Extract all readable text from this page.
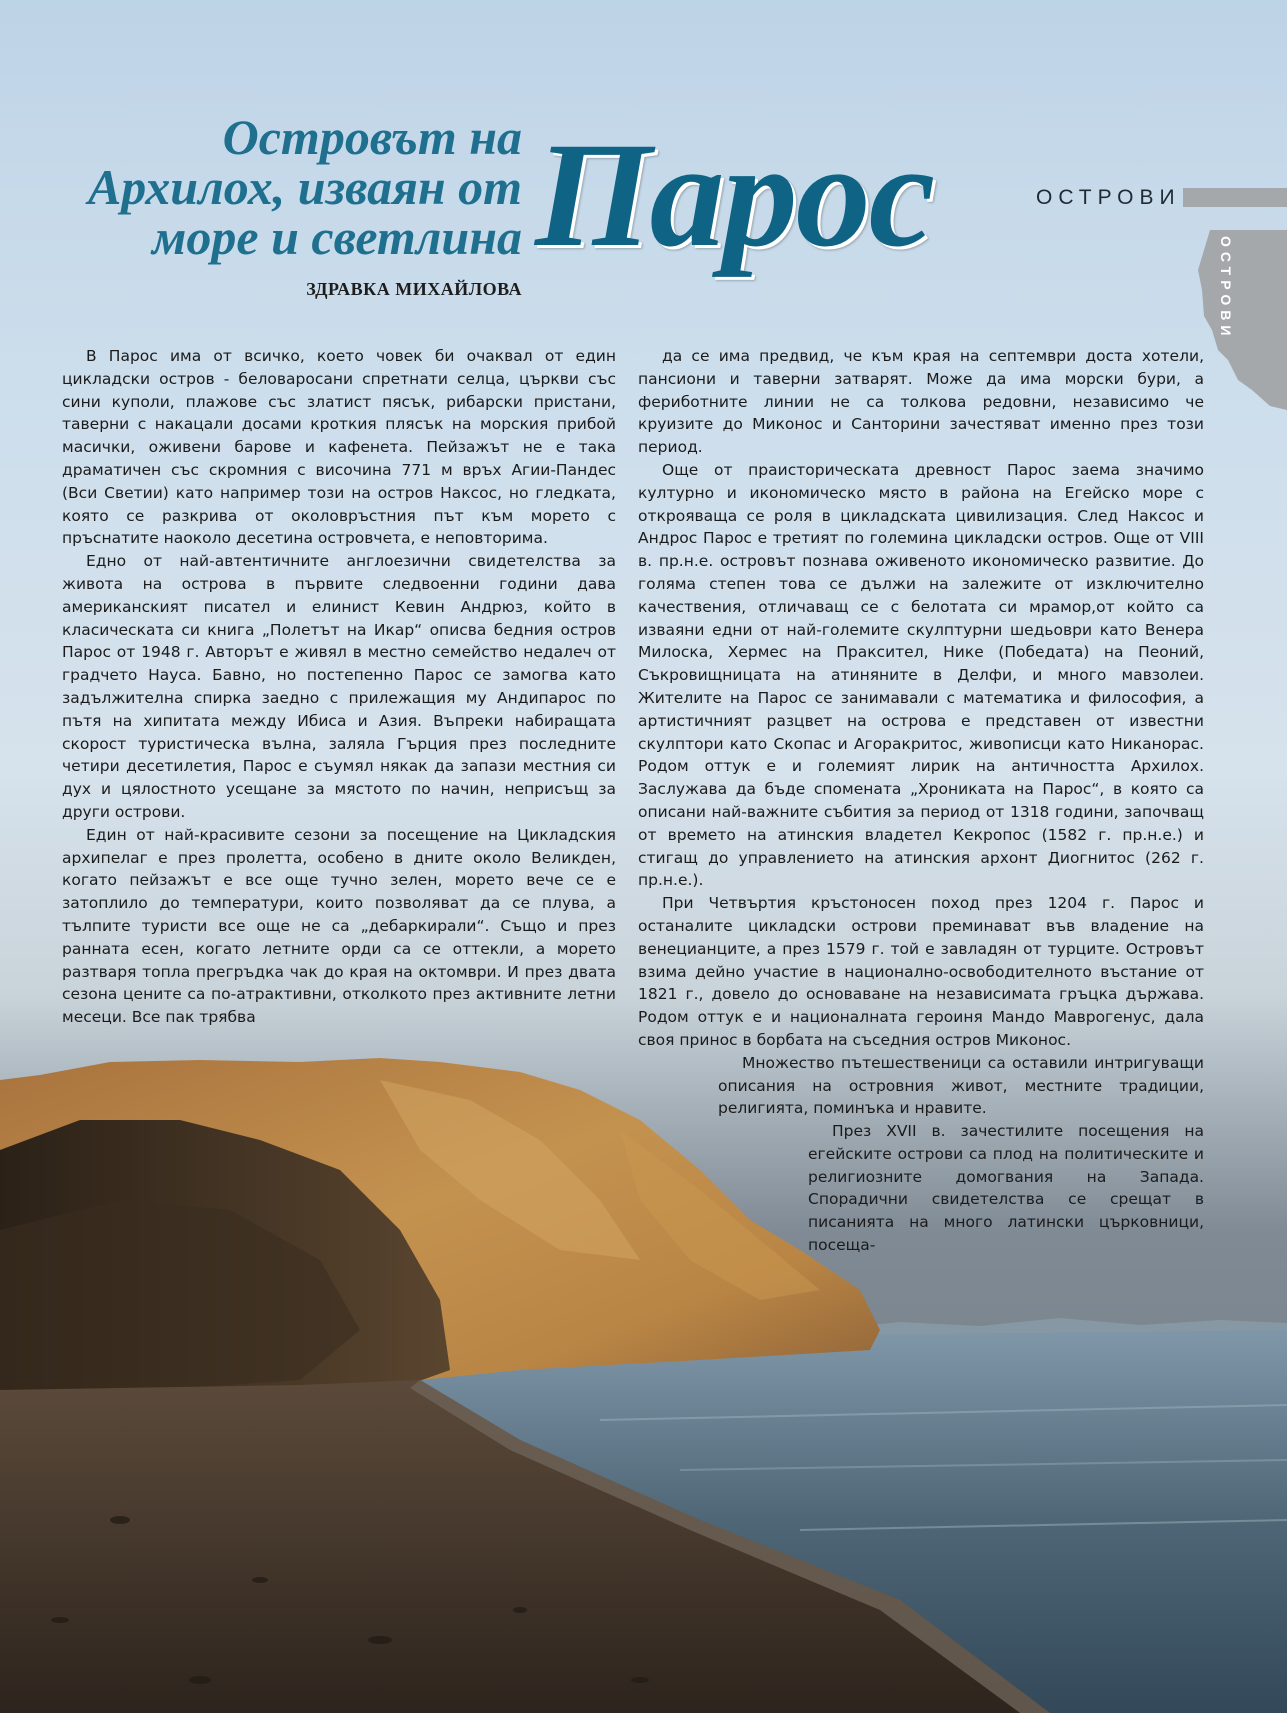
Островът на
Архилох, изваян от
море и светлина Парос
ЗДРАВКА МИХАЙЛОВА
ОСТРОВИ
ОСТРОВИ

В Парос има от всичко, което човек би очаквал от един цикладски остров - беловаросани спретнати селца, църкви със сини куполи, плажове със златист пясък, рибарски пристани, таверни с накацали досами кроткия плясък на морския прибой масички, оживени барове и кафенета. Пейзажът не е така драматичен със скромния с височина 771 м връх Агии-Пандес (Вси Светии) като например този на остров Наксос, но гледката, която се разкрива от околовръстния път към морето с пръснатите наоколо десетина островчета, е неповторима.

Едно от най-автентичните англоезични свидетелства за живота на острова в първите следвоенни години дава американският писател и елинист Кевин Андрюз, който в класическата си книга „Полетът на Икар“ описва бедния остров Парос от 1948 г. Авторът е живял в местно семейство недалеч от градчето Науса. Бавно, но постепенно Парос се замогва като задължителна спирка заедно с прилежащия му Андипарос по пътя на хипитата между Ибиса и Азия. Въпреки набиращата скорост туристическа вълна, заляла Гърция през последните четири десетилетия, Парос е съумял някак да запази местния си дух и цялостното усещане за мястото по начин, неприсъщ за други острови.

Един от най-красивите сезони за посещение на Цикладския архипелаг е през пролетта, особено в дните около Великден, когато пейзажът е все още тучно зелен, морето вече се е затоплило до температури, които позволяват да се плува, а тълпите туристи все още не са „дебаркирали“. Също и през ранната есен, когато летните орди са се оттекли, а морето разтваря топла прегръдка чак до края на октомври. И през двата сезона цените са по-атрактивни, отколкото през активните летни месеци. Все пак трябва

да се има предвид, че към края на септември доста хотели, пансиони и таверни затварят. Може да има морски бури, а фериботните линии не са толкова редовни, независимо че круизите до Миконос и Санторини зачестяват именно през този период.

Още от праисторическата древност Парос заема значимо културно и икономическо място в района на Егейско море с открояваща се роля в цикладската цивилизация. След Наксос и Андрос Парос е третият по големина цикладски остров. Още от VIII в. пр.н.е. островът познава оживеното икономическо развитие. До голяма степен това се дължи на залежите от изключително качествения, отличаващ се с белотата си мрамор,от който са изваяни едни от най-големите скулптурни шедьоври като Венера Милоска, Хермес на Праксител, Нике (Победата) на Пеоний, Съкровищницата на атиняните в Делфи, и много мавзолеи. Жителите на Парос се занимавали с математика и философия, а артистичният разцвет на острова е представен от известни скулптори като Скопас и Агоракритос, живописци като Никанорас. Родом оттук е и големият лирик на античността Архилох. Заслужава да бъде спомената „Хрониката на Парос“, в която са описани най-важните събития за период от 1318 години, започващ от времето на атинския владетел Кекропос (1582 г. пр.н.е.) и стигащ до управлението на атинския архонт Диогнитос (262 г. пр.н.е.).

При Четвъртия кръстоносен поход през 1204 г. Парос и останалите цикладски острови преминават във владение на венецианците, а през 1579 г. той е завладян от турците. Островът взима дейно участие в национално-освободителното въстание от 1821 г., довело до основаване на независимата гръцка държава. Родом оттук е и националната героиня Мандо Маврогенус, дала своя принос в борбата на съседния остров Миконос.

Множество пътешественици са оставили интригуващи описания на островния живот, местните традиции, религията, поминъка и нравите.

През XVII в. зачестилите посещения на егейските острови са плод на политическите и религиозните домогвания на Запада. Спорадични свидетелства се срещат в писанията на много латински църковници, посеща-
